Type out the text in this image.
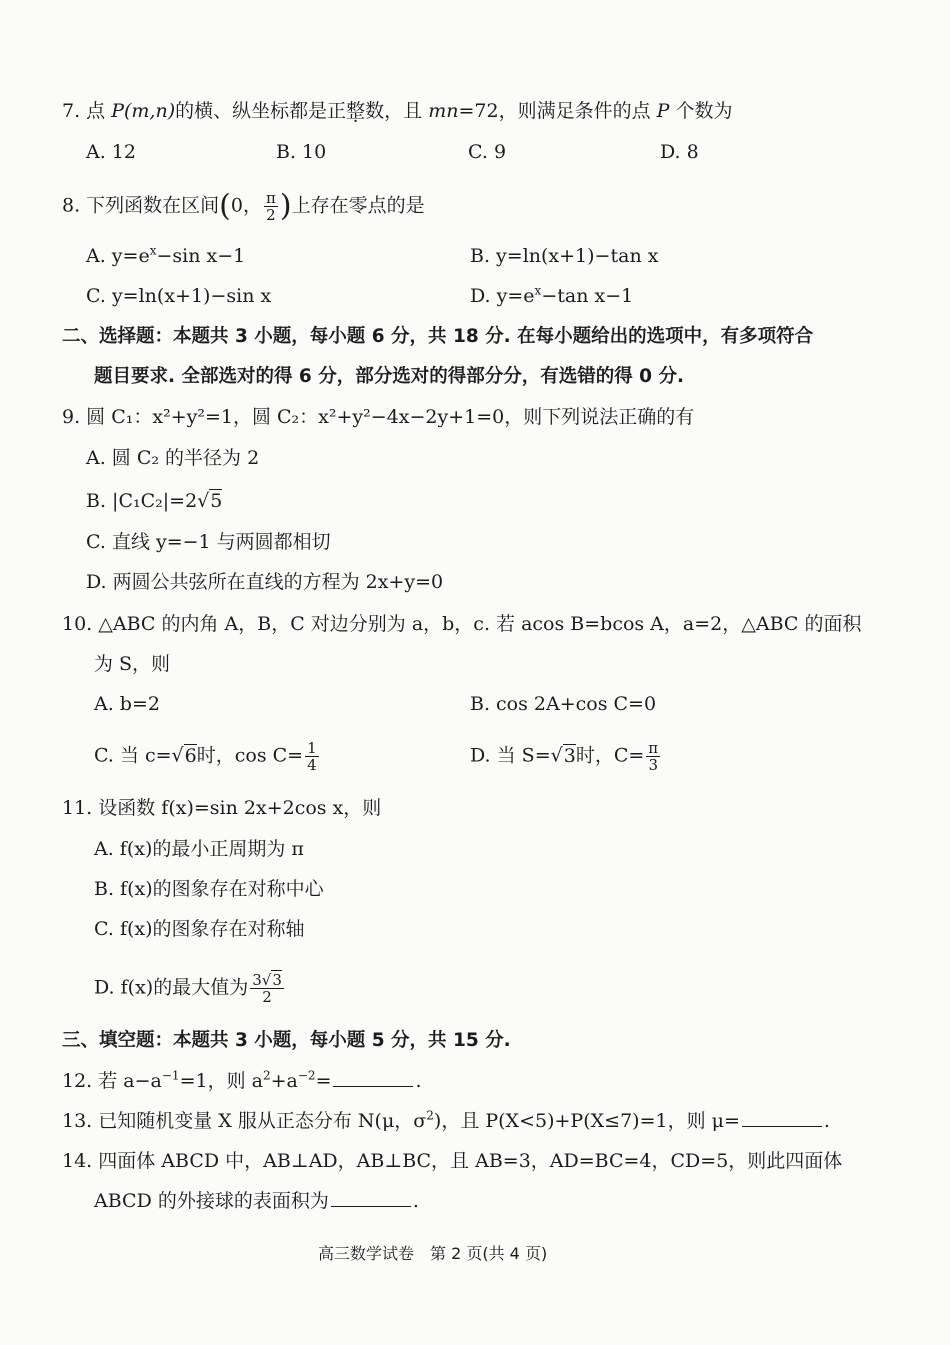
7. 点 P(m,n)的横、纵坐标都是正整数，且 mn=72，则满足条件的点 P 个数为
A. 12	B. 10	C. 9	D. 8
8. 下列函数在区间(0， $\frac{\pi}{2}$ )上存在零点的是
A. $y=e^x-\sin$ x−1	B. y=ln(x+1)−tan x
C. y=ln(x+1)−sin x	D. $y=e^x-\tan$ x−1
二、选择题：本题共 3 小题，每小题 6 分，共 18 分. 在每小题给出的选项中，有多项符合
题目要求. 全部选对的得 6 分，部分选对的得部分分，有选错的得 0 分.
9. 圆 C₁：x²+y²=1，圆 C₂：x²+y²−4x−2y+1=0，则下列说法正确的有
A. 圆 C₂ 的半径为 2
B. |C₁C₂|=2√5
C. 直线 y=−1 与两圆都相切
D. 两圆公共弦所在直线的方程为 2x+y=0
10. △ABC 的内角 A，B，C 对边分别为 a，b，c. 若 acos B=bcos A，a=2，△ABC 的面积
为 S，则
A. b=2	B. cos 2A+cos C=0
C. 当 c=√6时，$\cos C= \frac{1}{4}$	D. 当 S=√3时，$C= \frac{\pi}{3}$
11. 设函数 f(x)=sin 2x+2cos x，则
A. f(x)的最小正周期为 π
B. f(x)的图象存在对称中心
C. f(x)的图象存在对称轴
D. f(x)的最大值为 $\frac{3√3}{2}$
三、填空题：本题共 3 小题，每小题 5 分，共 15 分.
12. 若 $a-a^{-1}=1$，则 $a^2+a^{-2}=$	.
13. 已知随机变量 X 服从正态分布 N(μ，$\sigma^2$)，且 P(X<5)+P(X≤7)=1，则 μ=	.
14. 四面体 ABCD 中，AB⊥AD，AB⊥BC，且 AB=3，AD=BC=4，CD=5，则此四面体
ABCD 的外接球的表面积为	.
高三数学试卷　第 2 页(共 4 页)
